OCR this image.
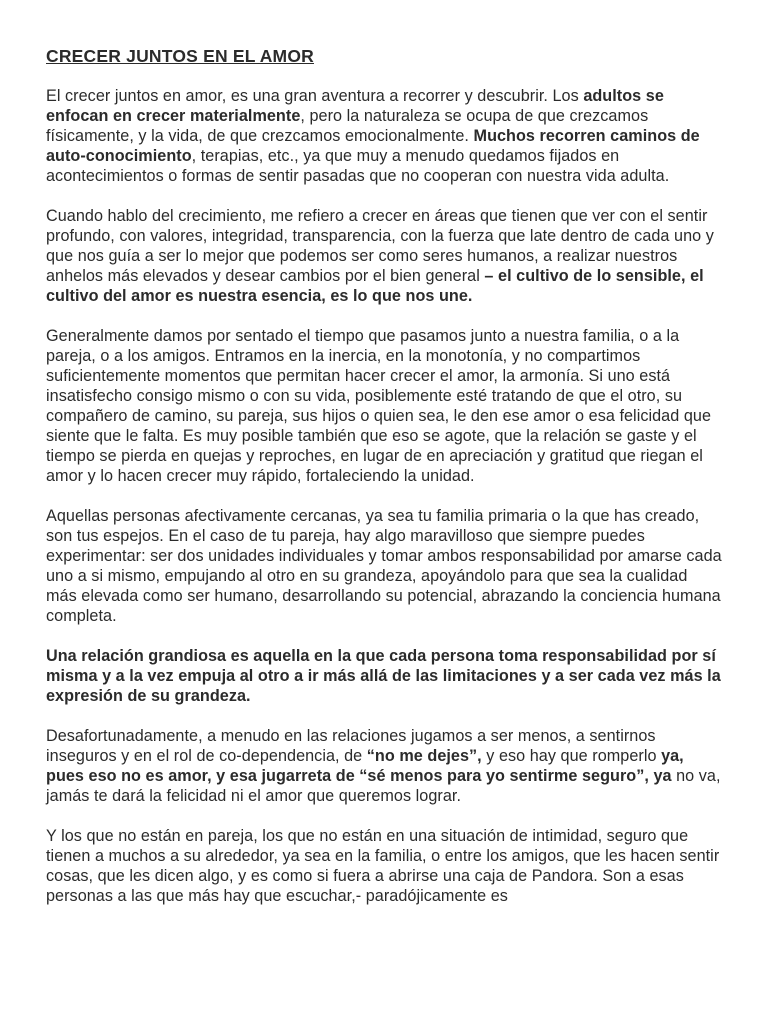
CRECER JUNTOS EN EL AMOR

El crecer juntos en amor, es una gran aventura a recorrer y descubrir. Los adultos se enfocan en crecer materialmente, pero la naturaleza se ocupa de que crezcamos físicamente, y la vida, de que crezcamos emocionalmente. Muchos recorren caminos de auto-conocimiento, terapias, etc., ya que muy a menudo quedamos fijados en acontecimientos o formas de sentir pasadas que no cooperan con nuestra vida adulta.

Cuando hablo del crecimiento, me refiero a crecer en áreas que tienen que ver con el sentir profundo, con valores, integridad, transparencia, con la fuerza que late dentro de cada uno y que nos guía a ser lo mejor que podemos ser como seres humanos, a realizar nuestros anhelos más elevados y desear cambios por el bien general – el cultivo de lo sensible, el cultivo del amor es nuestra esencia, es lo que nos une.

Generalmente damos por sentado el tiempo que pasamos junto a nuestra familia, o a la pareja, o a los amigos. Entramos en la inercia, en la monotonía, y no compartimos suficientemente momentos que permitan hacer crecer el amor, la armonía. Si uno está insatisfecho consigo mismo o con su vida, posiblemente esté tratando de que el otro, su compañero de camino, su pareja, sus hijos o quien sea, le den ese amor o esa felicidad que siente que le falta. Es muy posible también que eso se agote, que la relación se gaste y el tiempo se pierda en quejas y reproches, en lugar de en apreciación y gratitud que riegan el amor y lo hacen crecer muy rápido, fortaleciendo la unidad.

Aquellas personas afectivamente cercanas, ya sea tu familia primaria o la que has creado, son tus espejos. En el caso de tu pareja, hay algo maravilloso que siempre puedes experimentar: ser dos unidades individuales y tomar ambos responsabilidad por amarse cada uno a si mismo, empujando al otro en su grandeza, apoyándolo para que sea la cualidad más elevada como ser humano, desarrollando su potencial, abrazando la conciencia humana completa.

Una relación grandiosa es aquella en la que cada persona toma responsabilidad por sí misma y a la vez empuja al otro a ir más allá de las limitaciones y a ser cada vez más la expresión de su grandeza.

Desafortunadamente, a menudo en las relaciones jugamos a ser menos, a sentirnos inseguros y en el rol de co-dependencia, de “no me dejes”, y eso hay que romperlo ya, pues eso no es amor, y esa jugarreta de “sé menos para yo sentirme seguro”, ya no va, jamás te dará la felicidad ni el amor que queremos lograr.

Y los que no están en pareja, los que no están en una situación de intimidad, seguro que tienen a muchos a su alrededor, ya sea en la familia, o entre los amigos, que les hacen sentir cosas, que les dicen algo, y es como si fuera a abrirse una caja de Pandora. Son a esas personas a las que más hay que escuchar,- paradójicamente es
